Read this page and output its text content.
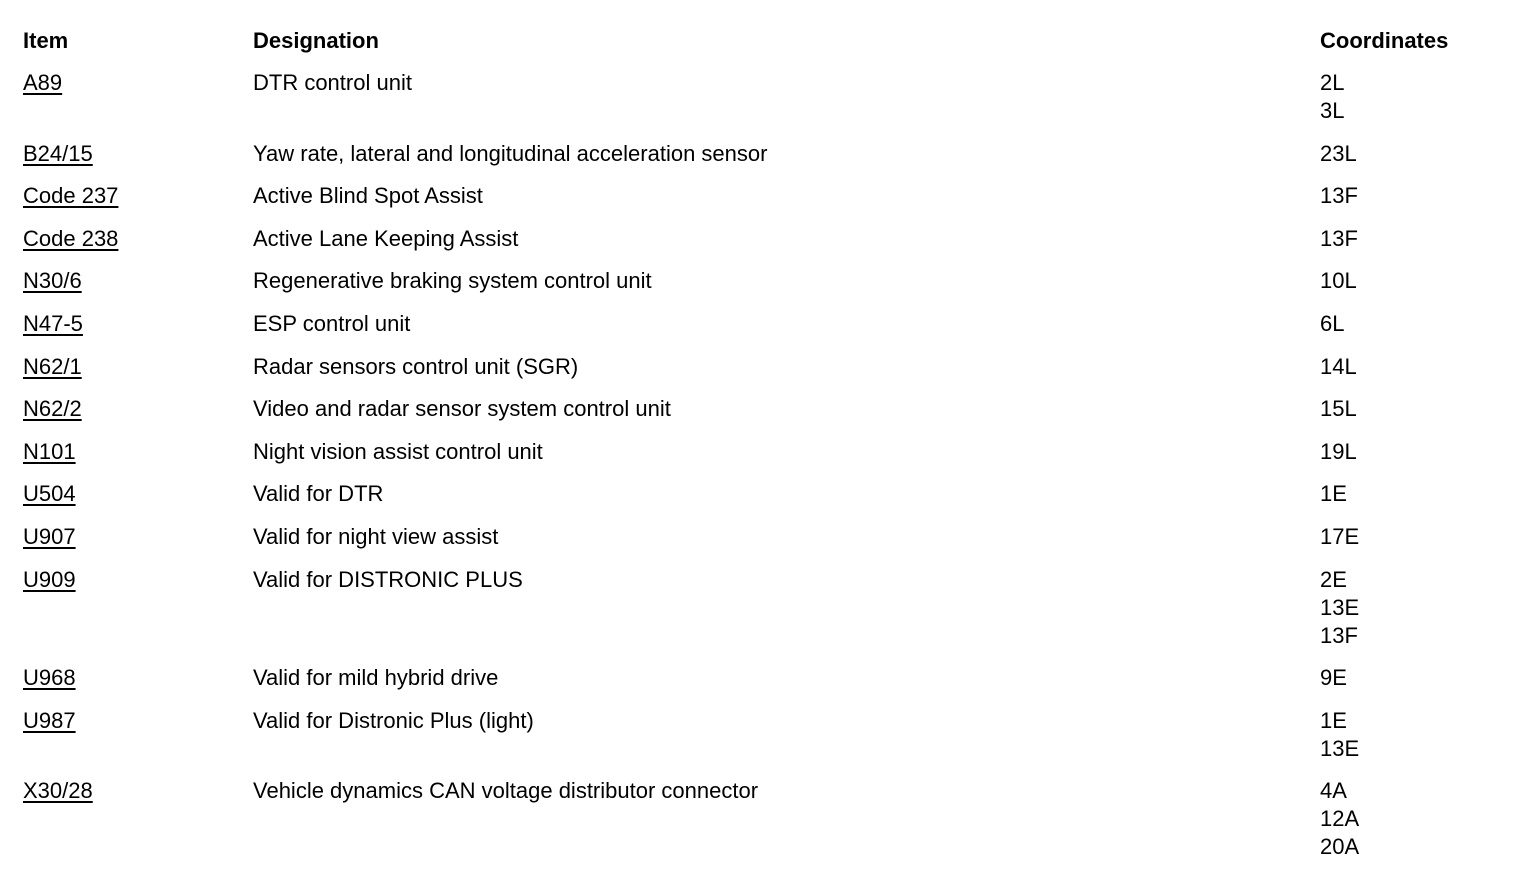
Item	Designation	Coordinates
A89	DTR control unit	2L
3L
B24/15	Yaw rate, lateral and longitudinal acceleration sensor	23L
Code 237	Active Blind Spot Assist	13F
Code 238	Active Lane Keeping Assist	13F
N30/6	Regenerative braking system control unit	10L
N47-5	ESP control unit	6L
N62/1	Radar sensors control unit (SGR)	14L
N62/2	Video and radar sensor system control unit	15L
N101	Night vision assist control unit	19L
U504	Valid for DTR	1E
U907	Valid for night view assist	17E
U909	Valid for DISTRONIC PLUS	2E
13E
13F
U968	Valid for mild hybrid drive	9E
U987	Valid for Distronic Plus (light)	1E
13E
X30/28	Vehicle dynamics CAN voltage distributor connector	4A
12A
20A
